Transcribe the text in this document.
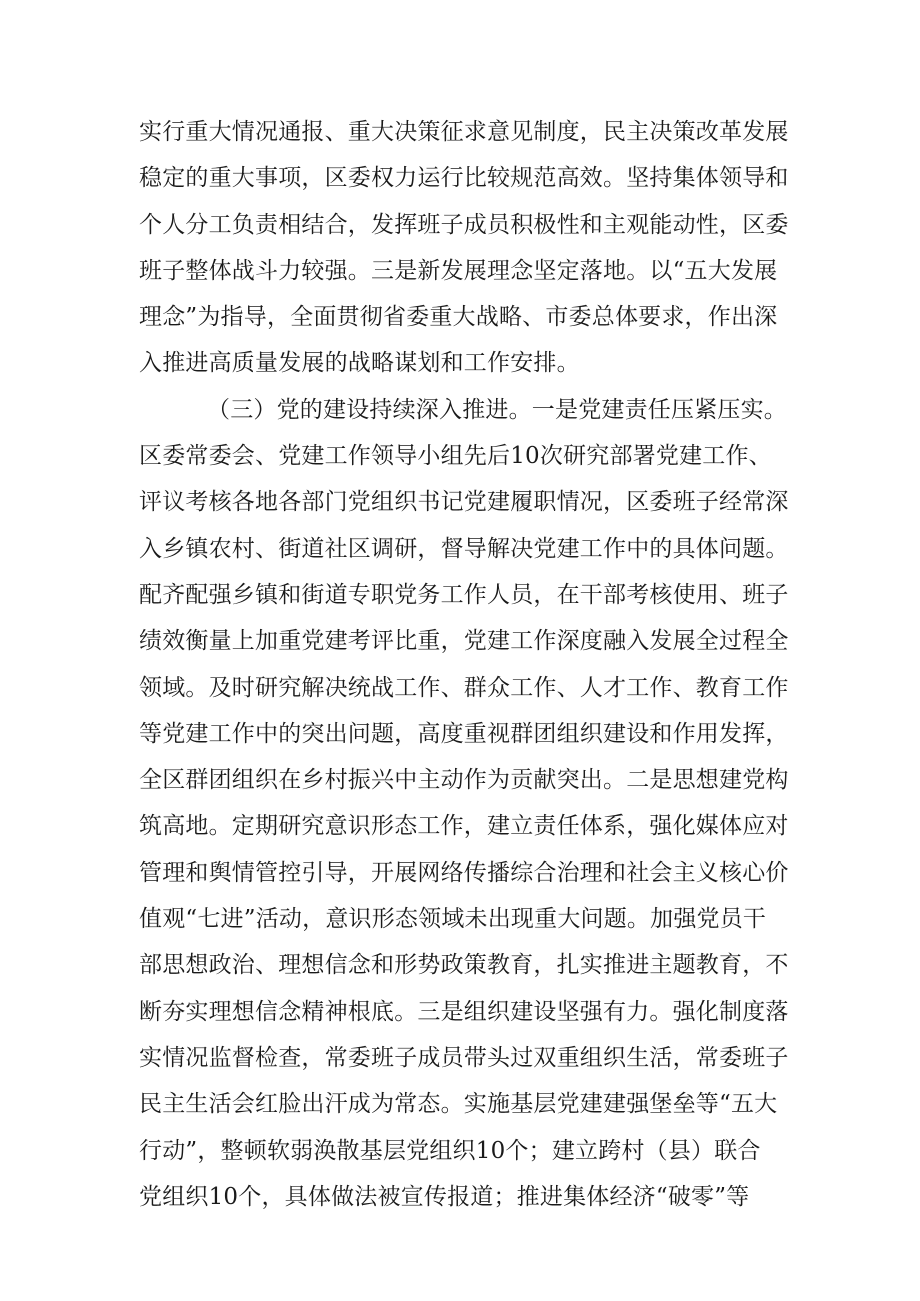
实行重大情况通报、重大决策征求意见制度，民主决策改革发展
稳定的重大事项，区委权力运行比较规范高效。坚持集体领导和
个人分工负责相结合，发挥班子成员积极性和主观能动性，区委
班子整体战斗力较强。三是新发展理念坚定落地。以“五大发展
理念”为指导，全面贯彻省委重大战略、市委总体要求，作出深
入推进高质量发展的战略谋划和工作安排。
（三）党的建设持续深入推进。一是党建责任压紧压实。
区委常委会、党建工作领导小组先后10次研究部署党建工作、
评议考核各地各部门党组织书记党建履职情况，区委班子经常深
入乡镇农村、街道社区调研，督导解决党建工作中的具体问题。
配齐配强乡镇和街道专职党务工作人员，在干部考核使用、班子
绩效衡量上加重党建考评比重，党建工作深度融入发展全过程全
领域。及时研究解决统战工作、群众工作、人才工作、教育工作
等党建工作中的突出问题，高度重视群团组织建设和作用发挥，
全区群团组织在乡村振兴中主动作为贡献突出。二是思想建党构
筑高地。定期研究意识形态工作，建立责任体系，强化媒体应对
管理和舆情管控引导，开展网络传播综合治理和社会主义核心价
值观“七进”活动，意识形态领域未出现重大问题。加强党员干
部思想政治、理想信念和形势政策教育，扎实推进主题教育，不
断夯实理想信念精神根底。三是组织建设坚强有力。强化制度落
实情况监督检查，常委班子成员带头过双重组织生活，常委班子
民主生活会红脸出汗成为常态。实施基层党建建强堡垒等“五大
行动”，整顿软弱涣散基层党组织10个；建立跨村（县）联合
党组织10个，具体做法被宣传报道；推进集体经济“破零”等
